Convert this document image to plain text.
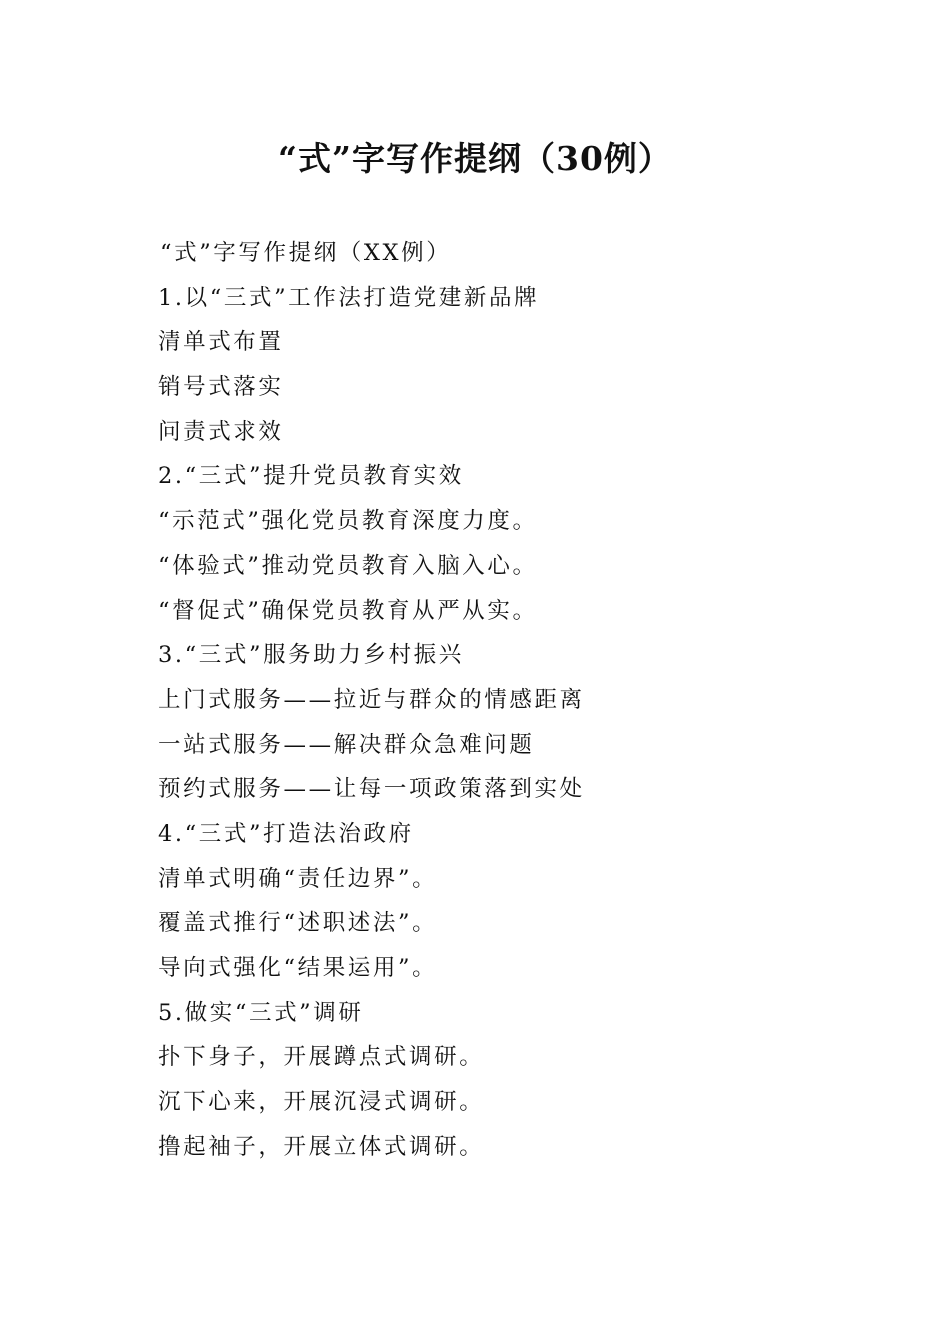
“式”字写作提纲（30例）
“式”字写作提纲（XX例）
1.以“三式”工作法打造党建新品牌
清单式布置
销号式落实
问责式求效
2.“三式”提升党员教育实效
“示范式”强化党员教育深度力度。
“体验式”推动党员教育入脑入心。
“督促式”确保党员教育从严从实。
3.“三式”服务助力乡村振兴
上门式服务——拉近与群众的情感距离
一站式服务——解决群众急难问题
预约式服务——让每一项政策落到实处
4.“三式”打造法治政府
清单式明确“责任边界”。
覆盖式推行“述职述法”。
导向式强化“结果运用”。
5.做实“三式”调研
扑下身子，开展蹲点式调研。
沉下心来，开展沉浸式调研。
撸起袖子，开展立体式调研。
